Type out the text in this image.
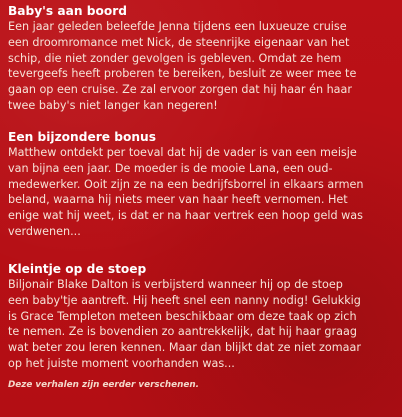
Baby's aan boord

Een jaar geleden beleefde Jenna tijdens een luxueuze cruise
een droomromance met Nick, de steenrijke eigenaar van het
schip, die niet zonder gevolgen is gebleven. Omdat ze hem
tevergeefs heeft proberen te bereiken, besluit ze weer mee te
gaan op een cruise. Ze zal ervoor zorgen dat hij haar én haar
twee baby's niet langer kan negeren!

Een bijzondere bonus

Matthew ontdekt per toeval dat hij de vader is van een meisje
van bijna een jaar. De moeder is de mooie Lana, een oud-
medewerker. Ooit zijn ze na een bedrijfsborrel in elkaars armen
beland, waarna hij niets meer van haar heeft vernomen. Het
enige wat hij weet, is dat er na haar vertrek een hoop geld was
verdwenen...

Kleintje op de stoep

Biljonair Blake Dalton is verbijsterd wanneer hij op de stoep
een baby'tje aantreft. Hij heeft snel een nanny nodig! Gelukkig
is Grace Templeton meteen beschikbaar om deze taak op zich
te nemen. Ze is bovendien zo aantrekkelijk, dat hij haar graag
wat beter zou leren kennen. Maar dan blijkt dat ze niet zomaar
op het juiste moment voorhanden was...

Deze verhalen zijn eerder verschenen.
